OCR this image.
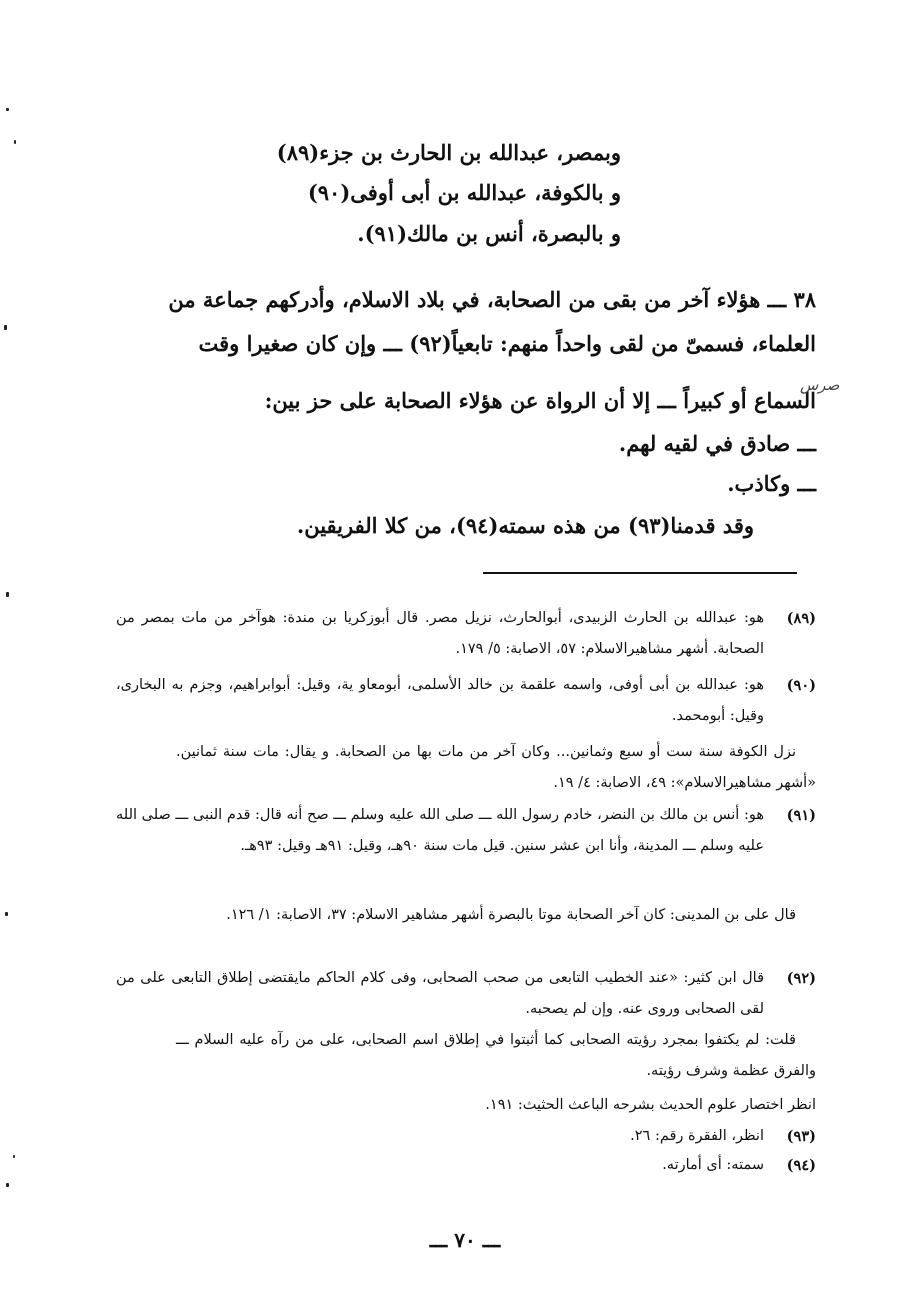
وبمصر، عبدالله بن الحارث بن جزء(٨٩)
و بالكوفة، عبدالله بن أبى أوفى(٩٠)
و بالبصرة، أنس بن مالك(٩١).
٣٨ ـــ هؤلاء آخر من بقى من الصحابة، في بلاد الاسلام، وأدركهم جماعة من
العلماء، فسمىّ من لقى واحداً منهم: تابعياً(٩٢) ـــ وإن كان صغيرا وقت
السماع أو كبيراً ـــ إلا أن الرواة عن هؤلاء الصحابة على حز بين:
ـــ صادق في لقيه لهم.
ـــ وكاذب.
وقد قدمنا(٩٣) من هذه سمته(٩٤)، من كلا الفريقين.
صرس
(٨٩)
هو: عبدالله بن الحارث الزبيدى، أبوالحارث، نزيل مصر. قال أبوزكريا بن مندة: هوآخر من مات بمصر من الصحابة. أشهر مشاهيرالاسلام: ٥٧، الاصابة: ٥/ ١٧٩.
(٩٠)
هو: عبدالله بن أبى أوفى، واسمه علقمة بن خالد الأسلمى، أبومعاو ية، وقيل: أبوابراهيم، وجزم به البخارى، وقيل: أبومحمد.
نزل الكوفة سنة ست أو سبع وثمانين... وكان آخر من مات بها من الصحابة. و يقال: مات سنة ثمانين. «أشهر مشاهيرالاسلام»: ٤٩، الاصابة: ٤/ ١٩.
(٩١)
هو: أنس بن مالك بن النضر، خادم رسول الله ـــ صلى الله عليه وسلم ـــ صح أنه قال: قدم النبى ـــ صلى الله عليه وسلم ـــ المدينة، وأنا ابن عشر سنين. قيل مات سنة ٩٠هـ، وقيل: ٩١هـ وقيل: ٩٣هـ.
قال على بن المدينى: كان آخر الصحابة موتا بالبصرة أشهر مشاهير الاسلام: ٣٧، الاصابة: ١/ ١٢٦.
(٩٢)
قال ابن كثير: «عند الخطيب التابعى من صحب الصحابى، وفى كلام الحاكم مايقتضى إطلاق التابعى على من لقى الصحابى وروى عنه. وإن لم يصحبه.
قلت: لم يكتفوا بمجرد رؤيته الصحابى كما أثبتوا في إطلاق اسم الصحابى، على من رآه عليه السلام ـــ والفرق عظمة وشرف رؤيته.
انظر اختصار علوم الحديث بشرحه الباعث الحثيث: ١٩١.
(٩٣)
انظر، الفقرة رقم: ٢٦.
(٩٤)
سمته: أى أمارته.
ـــ ٧٠ ـــ
